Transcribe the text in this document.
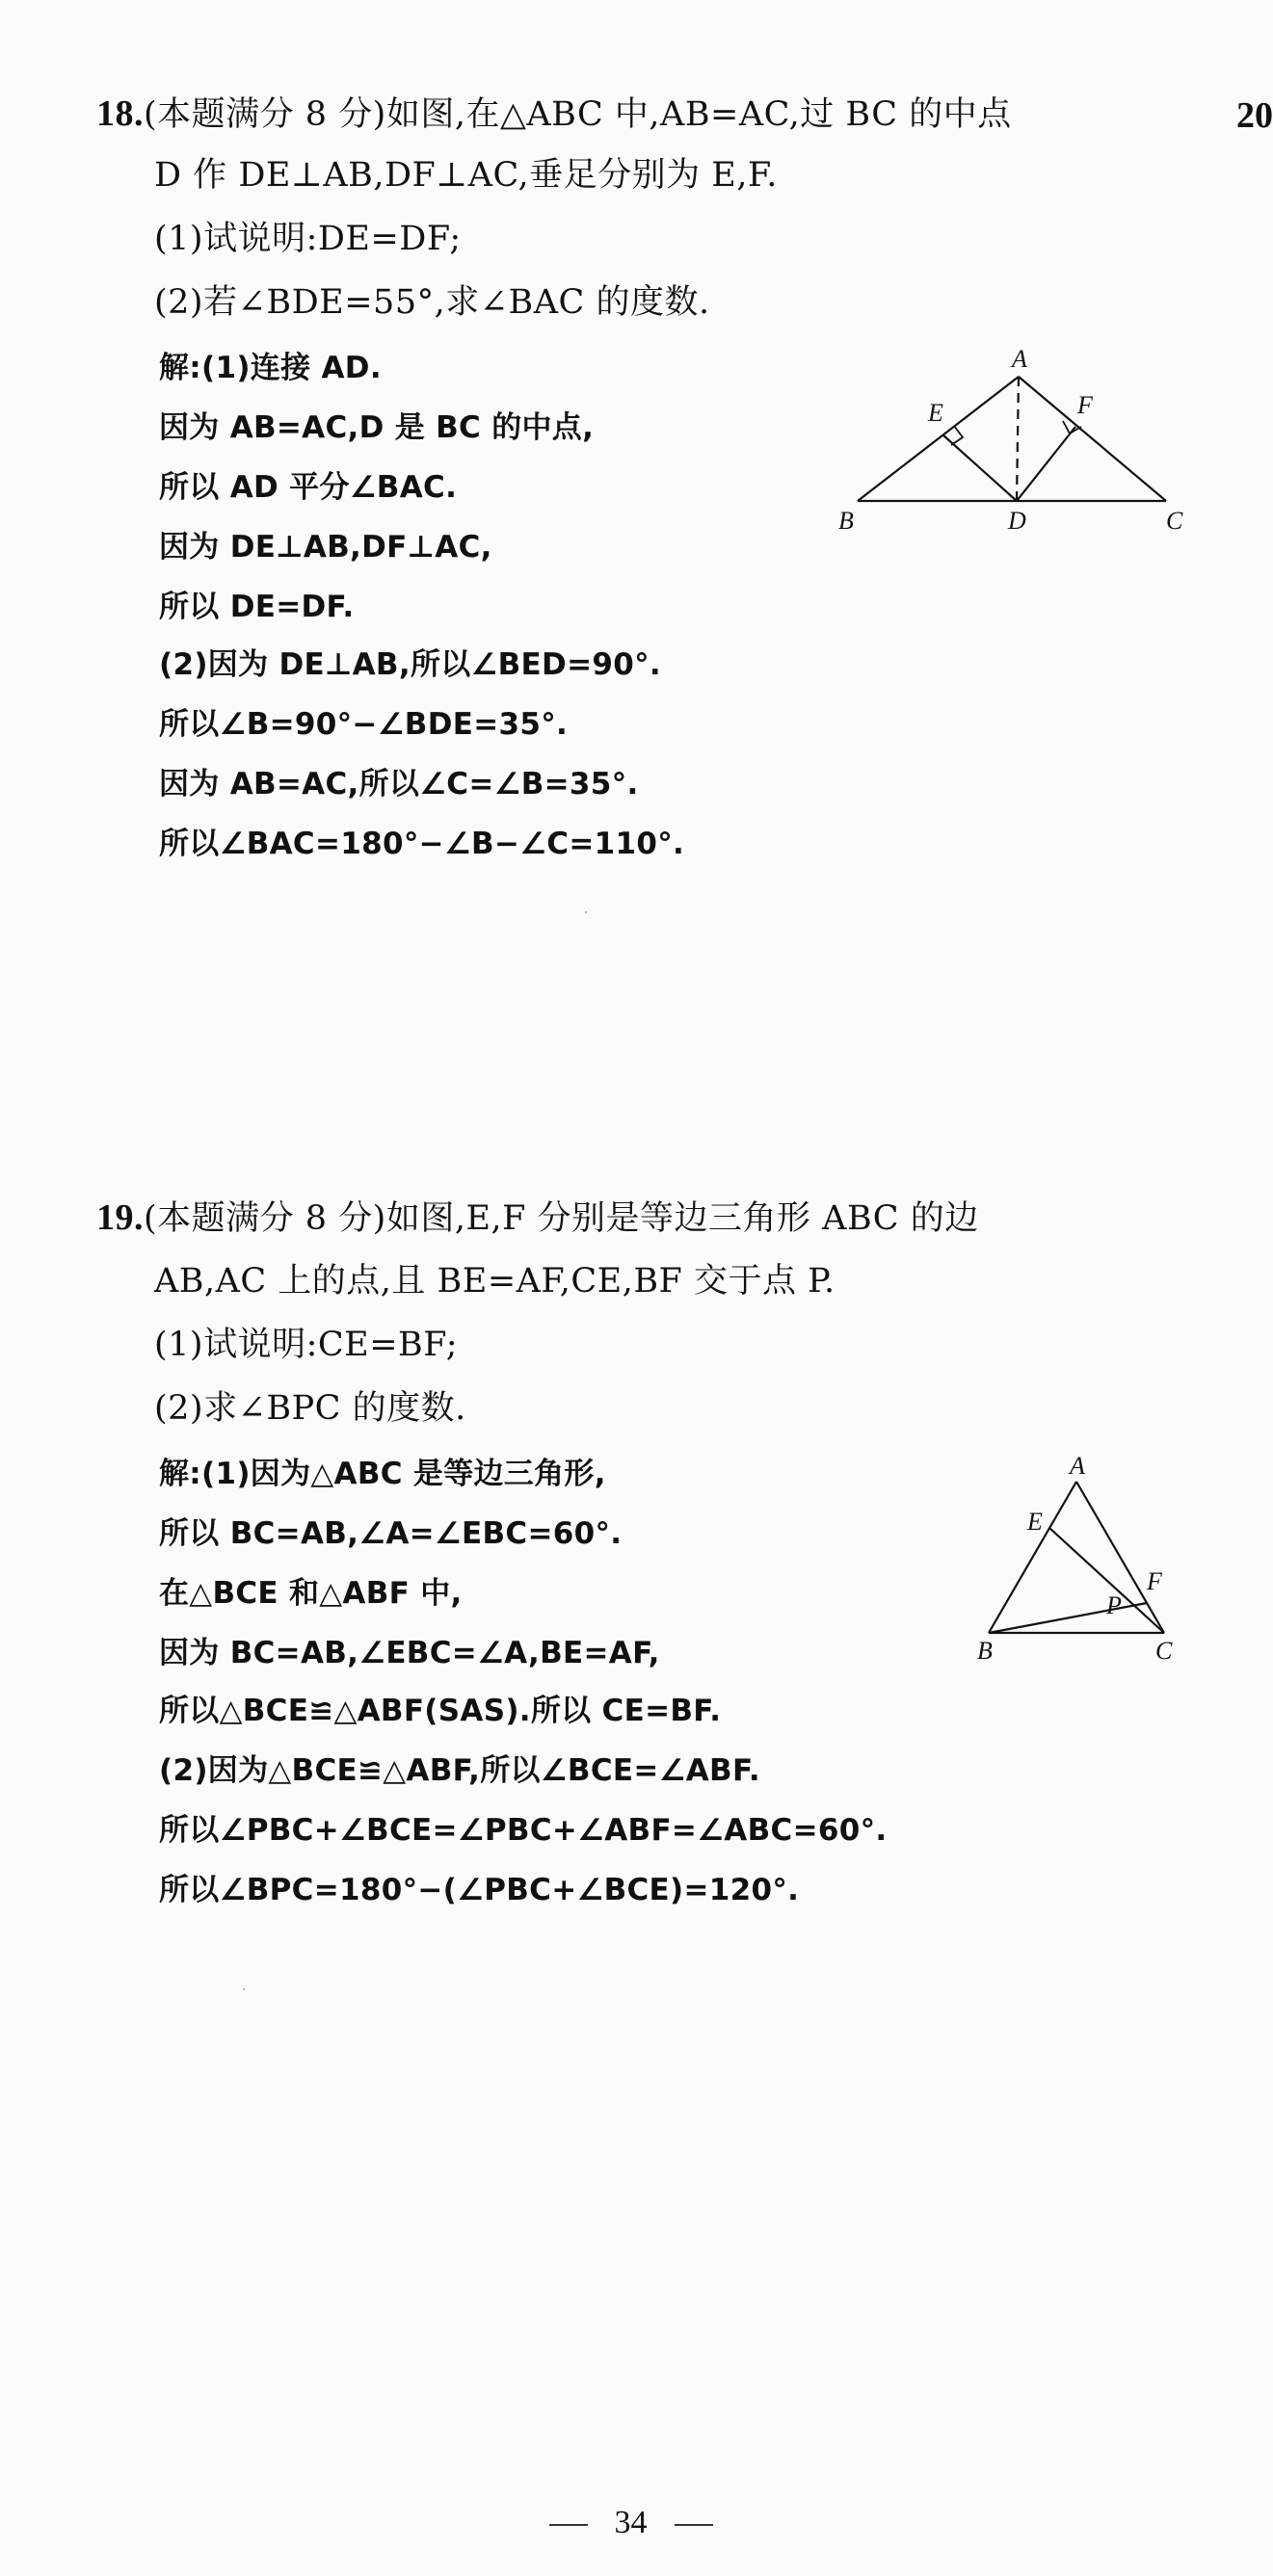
20
18.(本题满分 8 分)如图,在△ABC 中,AB=AC,过 BC 的中点
D 作 DE⊥AB,DF⊥AC,垂足分别为 E,F.
(1)试说明:DE=DF;
(2)若∠BDE=55°,求∠BAC 的度数.
解:(1)连接 AD.
因为 AB=AC,D 是 BC 的中点,
所以 AD 平分∠BAC.
因为 DE⊥AB,DF⊥AC,
所以 DE=DF.
(2)因为 DE⊥AB,所以∠BED=90°.
所以∠B=90°−∠BDE=35°.
因为 AB=AC,所以∠C=∠B=35°.
所以∠BAC=180°−∠B−∠C=110°.
A
B	C
D
E	F
19.(本题满分 8 分)如图,E,F 分别是等边三角形 ABC 的边
AB,AC 上的点,且 BE=AF,CE,BF 交于点 P.
(1)试说明:CE=BF;
(2)求∠BPC 的度数.
解:(1)因为△ABC 是等边三角形,
所以 BC=AB,∠A=∠EBC=60°.
在△BCE 和△ABF 中,
因为 BC=AB,∠EBC=∠A,BE=AF,
所以△BCE≌△ABF(SAS).所以 CE=BF.
(2)因为△BCE≌△ABF,所以∠BCE=∠ABF.
所以∠PBC+∠BCE=∠PBC+∠ABF=∠ABC=60°.
所以∠BPC=180°−(∠PBC+∠BCE)=120°.
A
B	C
E
F
P
34
